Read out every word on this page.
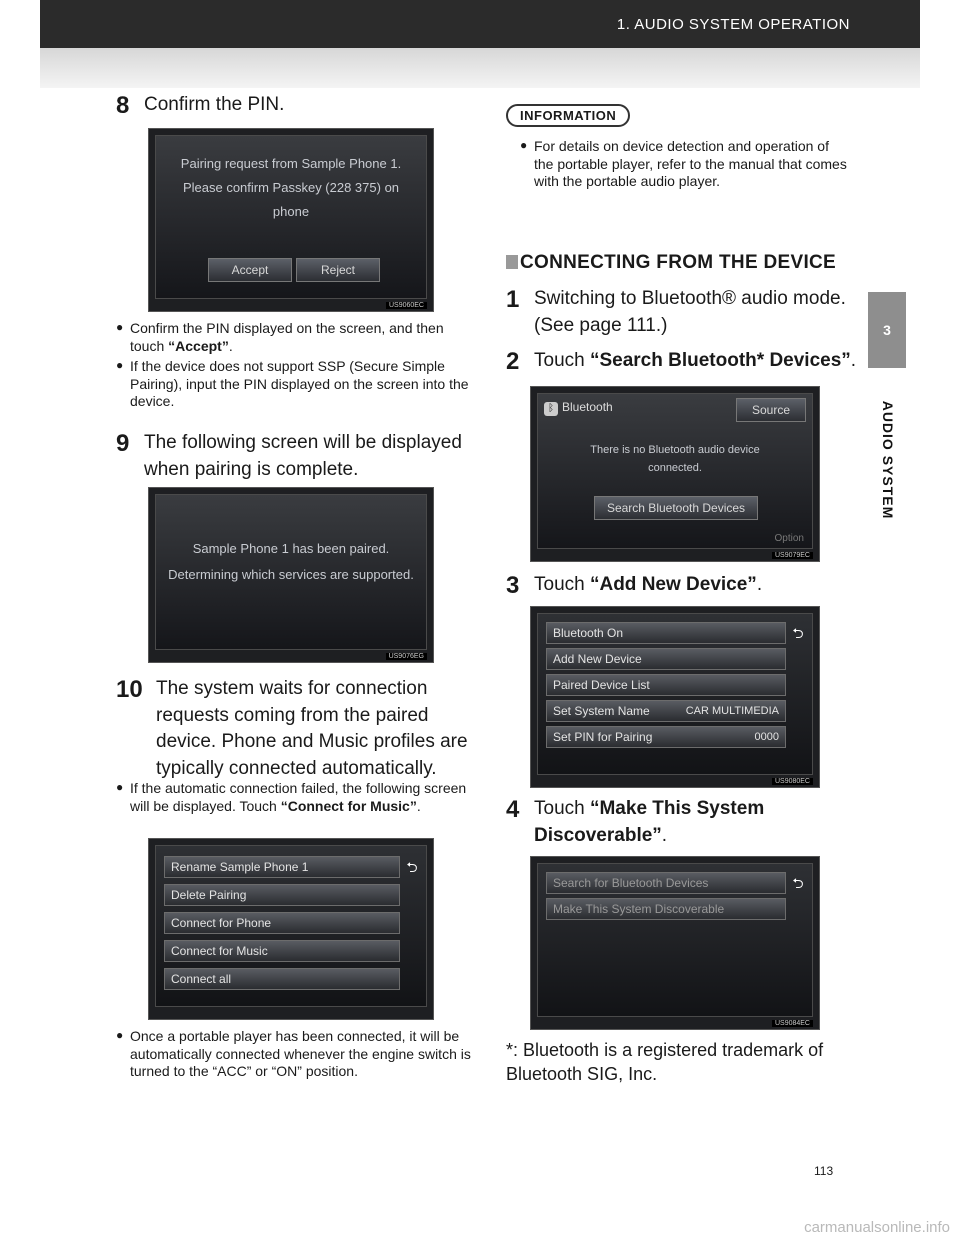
1. AUDIO SYSTEM OPERATION
3
AUDIO SYSTEM
8 Confirm the PIN.
Pairing request from Sample Phone 1.
Please confirm Passkey (228 375) on
phone
Accept	Reject
US9060EC
● Confirm the PIN displayed on the screen, and then touch “Accept”.
● If the device does not support SSP (Secure Simple Pairing), input the PIN displayed on the screen into the device.
9 The following screen will be displayed when pairing is complete.
Sample Phone 1 has been paired.
Determining which services are supported.
US9076EG
10 The system waits for connection requests coming from the paired device. Phone and Music profiles are typically connected automatically.
● If the automatic connection failed, the following screen will be displayed. Touch “Connect for Music”.
Rename Sample Phone 1	⮌
Delete Pairing
Connect for Phone
Connect for Music
Connect all
● Once a portable player has been connected, it will be automatically connected whenever the engine switch is turned to the “ACC” or “ON” position.
INFORMATION
● For details on device detection and operation of the portable player, refer to the manual that comes with the portable audio player.
CONNECTING FROM THE DEVICE
1 Switching to Bluetooth® audio mode. (See page 111.)
2 Touch “Search Bluetooth* Devices”.
ᛒ Bluetooth	Source
There is no Bluetooth audio device
connected.
Search Bluetooth Devices
Option
US9079EC
3 Touch “Add New Device”.
Bluetooth On	⮌
Add New Device
Paired Device List
Set System Name	CAR MULTIMEDIA
Set PIN for Pairing	0000
US9080EC
4 Touch “Make This System Discoverable”.
Search for Bluetooth Devices	⮌
Make This System Discoverable
US9084EC
*: Bluetooth is a registered trademark of Bluetooth SIG, Inc.
113
carmanualsonline.info
